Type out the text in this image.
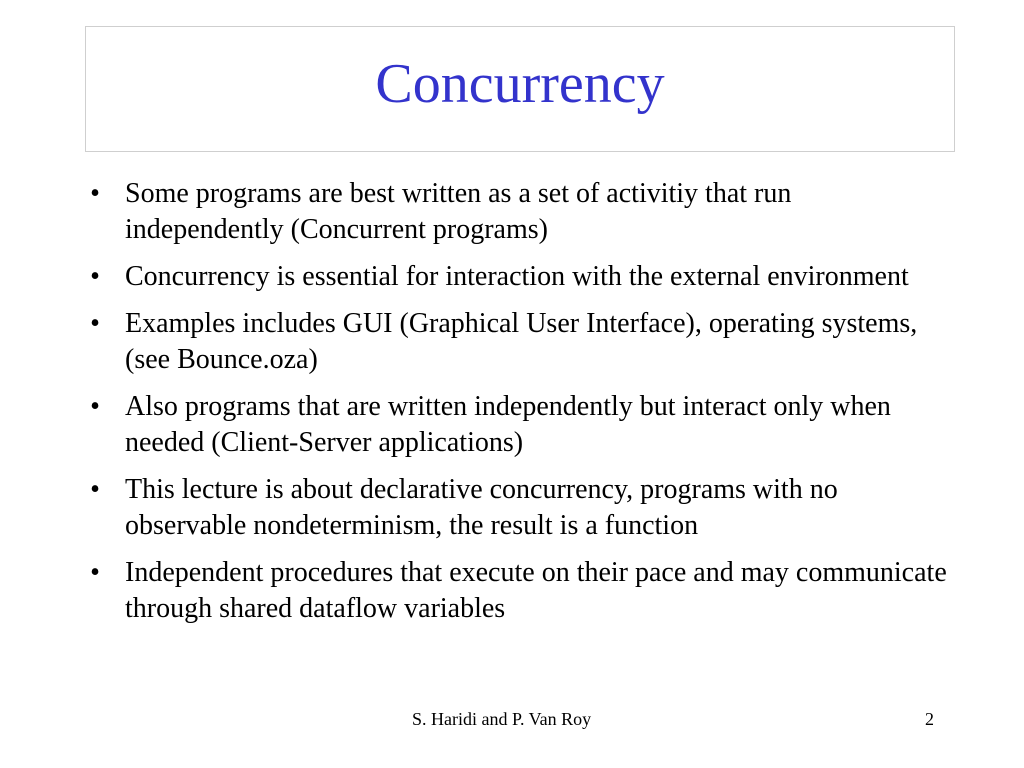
Concurrency
• Some programs are best written as a set of activitiy that run independently (Concurrent programs)
• Concurrency is essential for interaction with the external environment
• Examples includes GUI (Graphical User Interface), operating systems, (see Bounce.oza)
• Also programs that are written independently but interact only when needed (Client-Server applications)
• This lecture is about declarative concurrency, programs with no observable nondeterminism, the result is a function
• Independent procedures that execute on their pace and may communicate through shared dataflow variables
S. Haridi and P. Van Roy	2
